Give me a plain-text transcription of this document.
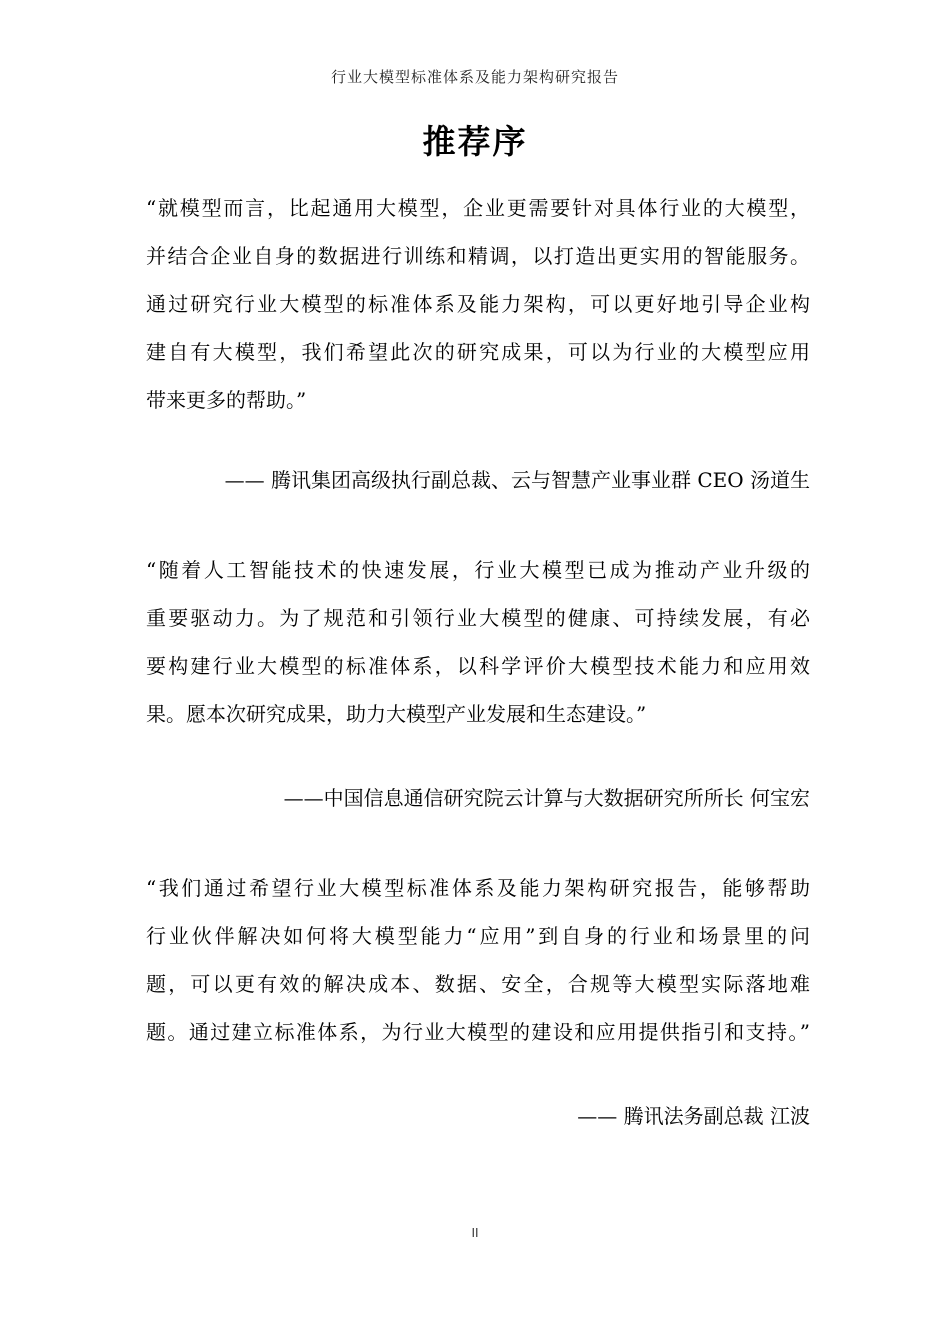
行业大模型标准体系及能力架构研究报告
推荐序
“就模型而言，比起通用大模型，企业更需要针对具体行业的大模型，
并结合企业自身的数据进行训练和精调，以打造出更实用的智能服务。
通过研究行业大模型的标准体系及能力架构，可以更好地引导企业构
建自有大模型，我们希望此次的研究成果，可以为行业的大模型应用
带来更多的帮助。”

—— 腾讯集团高级执行副总裁、云与智慧产业事业群 CEO 汤道生

“随着人工智能技术的快速发展，行业大模型已成为推动产业升级的
重要驱动力。为了规范和引领行业大模型的健康、可持续发展，有必
要构建行业大模型的标准体系，以科学评价大模型技术能力和应用效
果。愿本次研究成果，助力大模型产业发展和生态建设。”

——中国信息通信研究院云计算与大数据研究所所长 何宝宏

“我们通过希望行业大模型标准体系及能力架构研究报告，能够帮助
行业伙伴解决如何将大模型能力“应用”到自身的行业和场景里的问
题，可以更有效的解决成本、数据、安全，合规等大模型实际落地难
题。通过建立标准体系，为行业大模型的建设和应用提供指引和支持。”

—— 腾讯法务副总裁 江波

II
